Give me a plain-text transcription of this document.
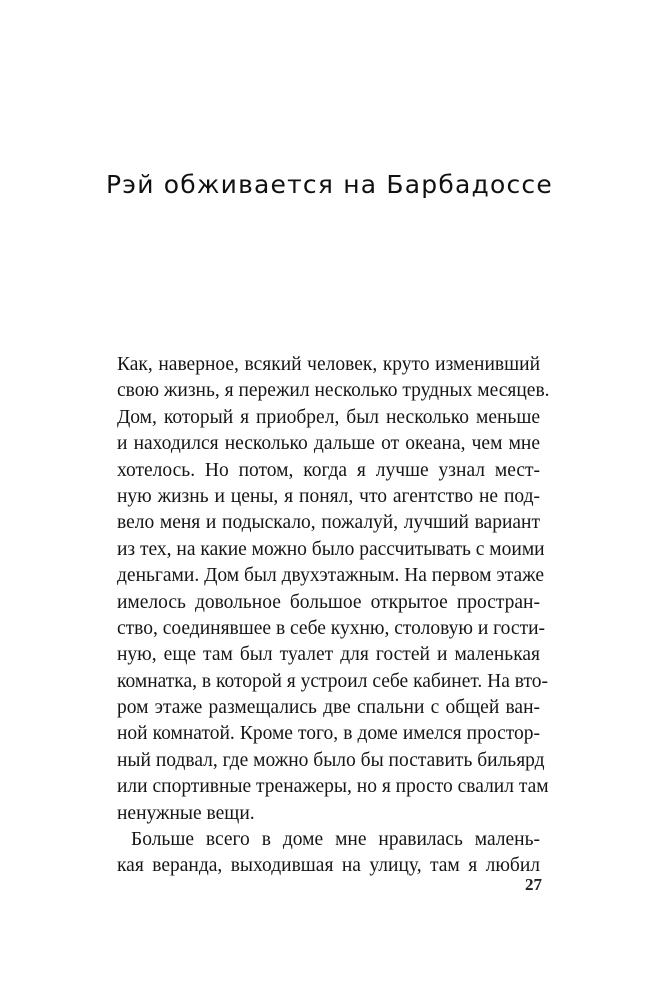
Рэй обживается на Барбадоссе
Как, наверное, всякий человек, круто изменивший
свою жизнь, я пережил несколько трудных месяцев.
Дом, который я приобрел, был несколько меньше
и находился несколько дальше от океана, чем мне
хотелось. Но потом, когда я лучше узнал мест-
ную жизнь и цены, я понял, что агентство не под-
вело меня и подыскало, пожалуй, лучший вариант
из тех, на какие можно было рассчитывать с моими
деньгами. Дом был двухэтажным. На первом этаже
имелось довольное большое открытое простран-
ство, соединявшее в себе кухню, столовую и гости-
ную, еще там был туалет для гостей и маленькая
комнатка, в которой я устроил себе кабинет. На вто-
ром этаже размещались две спальни с общей ван-
ной комнатой. Кроме того, в доме имелся простор-
ный подвал, где можно было бы поставить бильярд
или спортивные тренажеры, но я просто свалил там
ненужные вещи.
Больше всего в доме мне нравилась малень-
кая веранда, выходившая на улицу, там я любил
27
